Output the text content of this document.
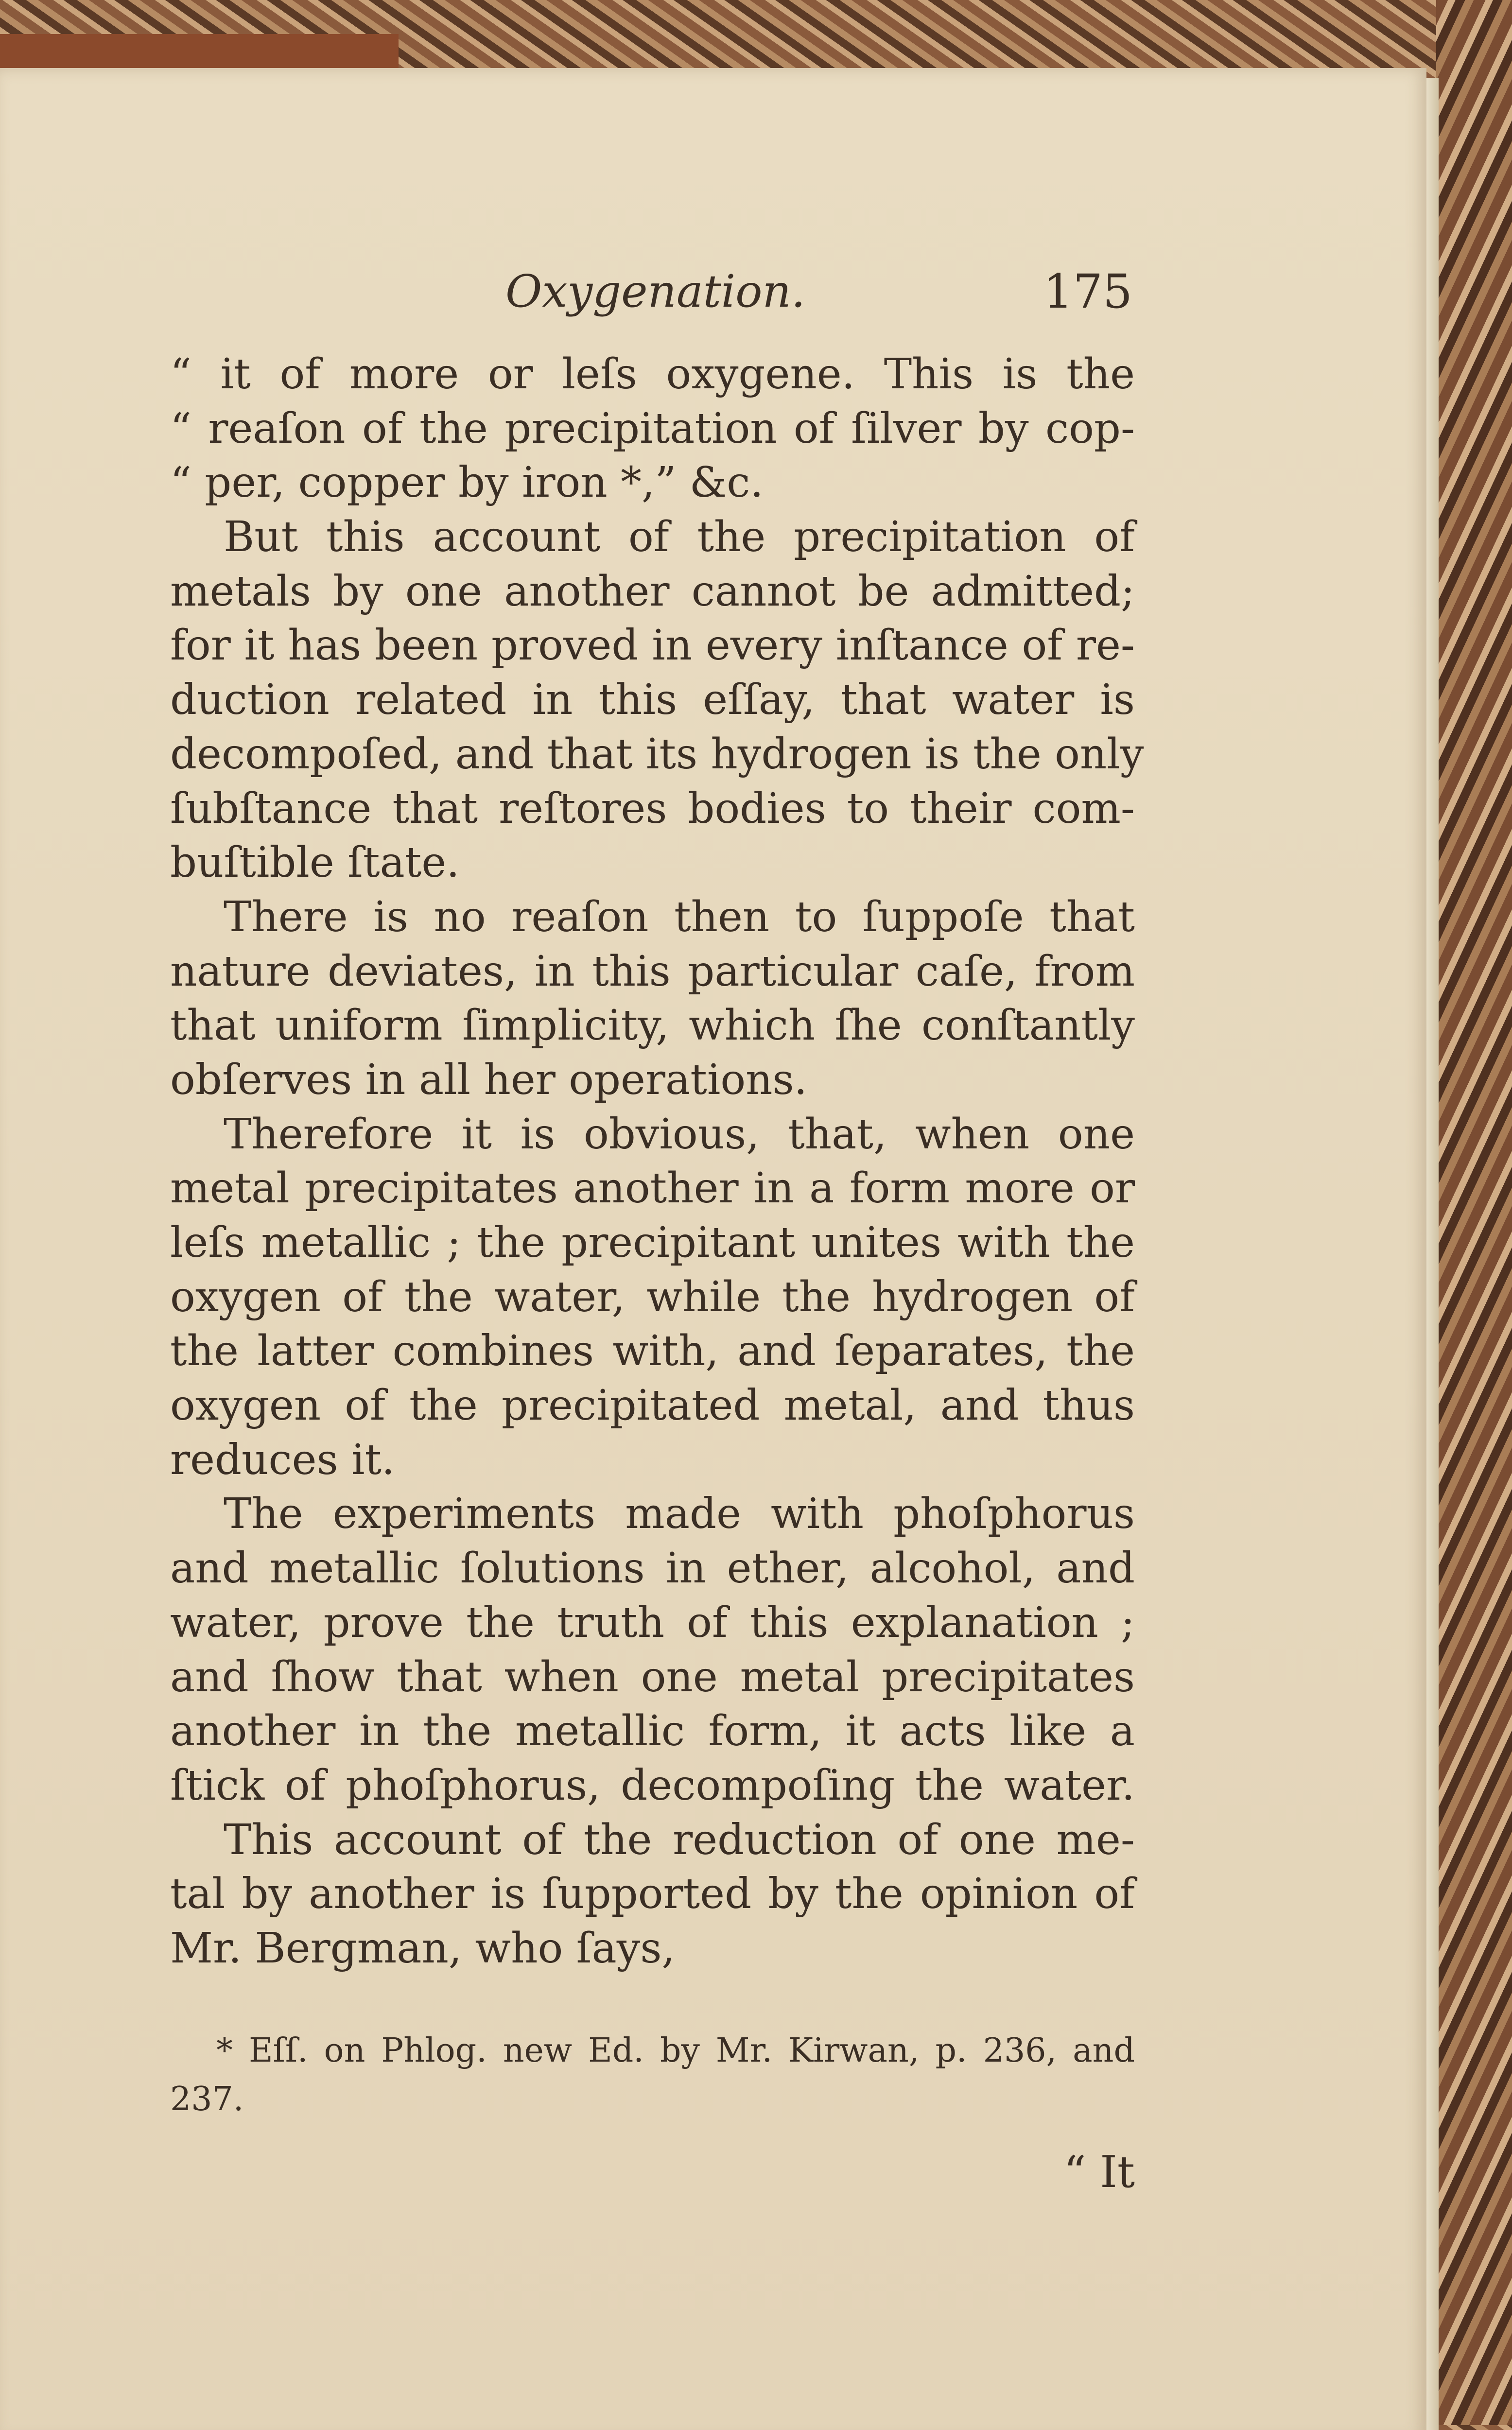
Oxygenation.	175
“ it of more or leſs oxygene. This is the
“ reaſon of the precipitation of ſilver by cop-
“ per, copper by iron *,” &c.
But this account of the precipitation of
metals by one another cannot be admitted;
for it has been proved in every inſtance of re-
duction related in this eſſay, that water is
decompoſed, and that its hydrogen is the only
ſubſtance that reſtores bodies to their com-
buſtible ſtate.
There is no reaſon then to ſuppoſe that
nature deviates, in this particular caſe, from
that uniform ſimplicity, which ſhe conſtantly
obſerves in all her operations.
Therefore it is obvious, that, when one
metal precipitates another in a form more or
leſs metallic ; the precipitant unites with the
oxygen of the water, while the hydrogen of
the latter combines with, and ſeparates, the
oxygen of the precipitated metal, and thus
reduces it.
The experiments made with phoſphorus
and metallic ſolutions in ether, alcohol, and
water, prove the truth of this explanation ;
and ſhow that when one metal precipitates
another in the metallic form, it acts like a
ſtick of phoſphorus, decompoſing the water.
This account of the reduction of one me-
tal by another is ſupported by the opinion of
Mr. Bergman, who ſays,
* Eſſ. on Phlog. new Ed. by Mr. Kirwan, p. 236, and
237.
“ It
